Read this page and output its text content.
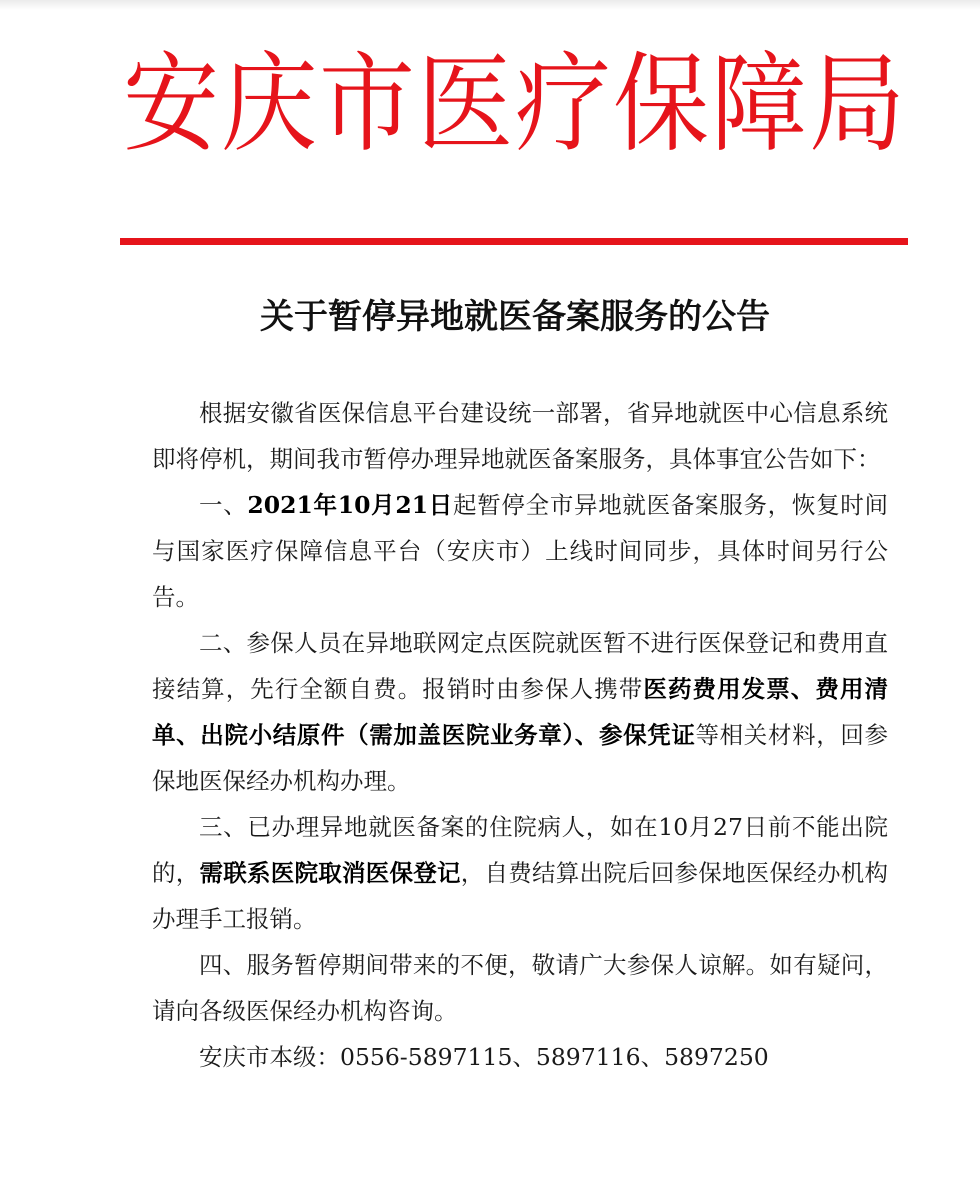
安庆市医疗保障局
关于暂停异地就医备案服务的公告

根据安徽省医保信息平台建设统一部署，省异地就医中心信息系统即将停机，期间我市暂停办理异地就医备案服务，具体事宜公告如下：

一、2021年10月21日起暂停全市异地就医备案服务，恢复时间与国家医疗保障信息平台（安庆市）上线时间同步，具体时间另行公告。

二、参保人员在异地联网定点医院就医暂不进行医保登记和费用直接结算，先行全额自费。报销时由参保人携带医药费用发票、费用清单、出院小结原件（需加盖医院业务章）、参保凭证等相关材料，回参保地医保经办机构办理。

三、已办理异地就医备案的住院病人，如在10月27日前不能出院的，需联系医院取消医保登记，自费结算出院后回参保地医保经办机构办理手工报销。

四、服务暂停期间带来的不便，敬请广大参保人谅解。如有疑问，请向各级医保经办机构咨询。

安庆市本级：0556-5897115、5897116、5897250
